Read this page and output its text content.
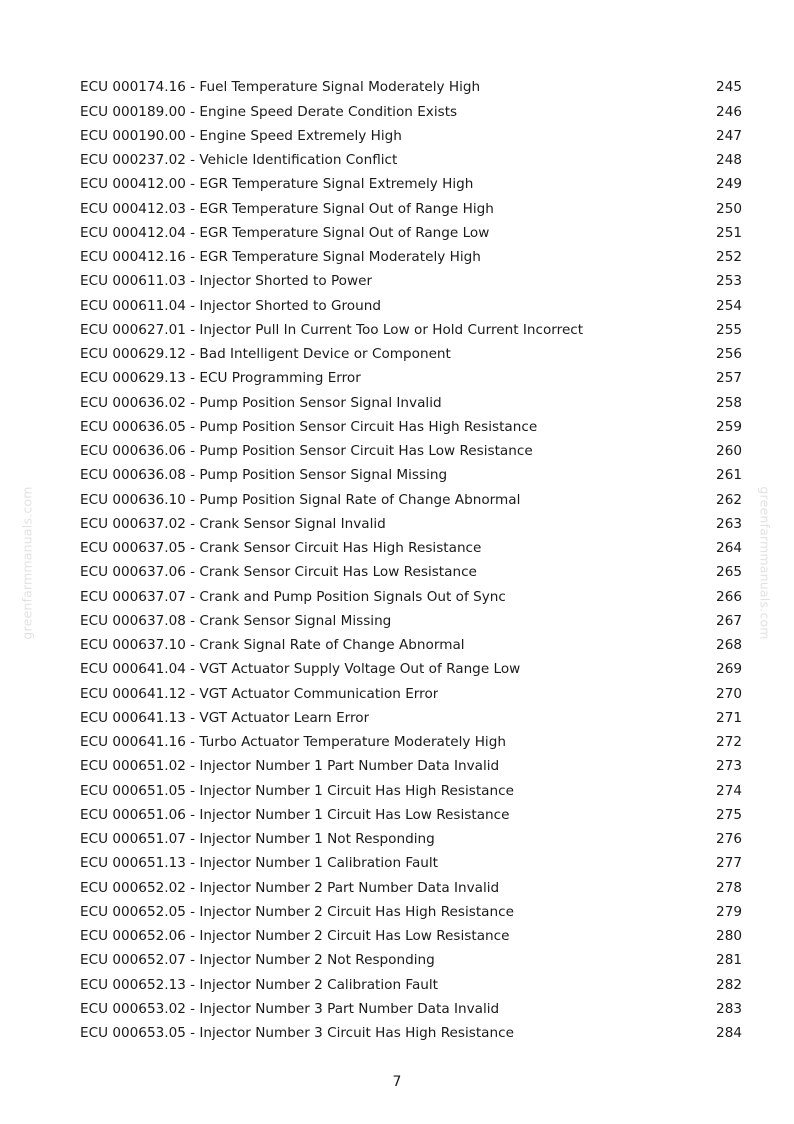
greenfarmmanuals.com	greenfarmmanuals.com
ECU 000174.16 - Fuel Temperature Signal Moderately High	245
ECU 000189.00 - Engine Speed Derate Condition Exists	246
ECU 000190.00 - Engine Speed Extremely High	247
ECU 000237.02 - Vehicle Identification Conflict	248
ECU 000412.00 - EGR Temperature Signal Extremely High	249
ECU 000412.03 - EGR Temperature Signal Out of Range High	250
ECU 000412.04 - EGR Temperature Signal Out of Range Low	251
ECU 000412.16 - EGR Temperature Signal Moderately High	252
ECU 000611.03 - Injector Shorted to Power	253
ECU 000611.04 - Injector Shorted to Ground	254
ECU 000627.01 - Injector Pull In Current Too Low or Hold Current Incorrect	255
ECU 000629.12 - Bad Intelligent Device or Component	256
ECU 000629.13 - ECU Programming Error	257
ECU 000636.02 - Pump Position Sensor Signal Invalid	258
ECU 000636.05 - Pump Position Sensor Circuit Has High Resistance	259
ECU 000636.06 - Pump Position Sensor Circuit Has Low Resistance	260
ECU 000636.08 - Pump Position Sensor Signal Missing	261
ECU 000636.10 - Pump Position Signal Rate of Change Abnormal	262
ECU 000637.02 - Crank Sensor Signal Invalid	263
ECU 000637.05 - Crank Sensor Circuit Has High Resistance	264
ECU 000637.06 - Crank Sensor Circuit Has Low Resistance	265
ECU 000637.07 - Crank and Pump Position Signals Out of Sync	266
ECU 000637.08 - Crank Sensor Signal Missing	267
ECU 000637.10 - Crank Signal Rate of Change Abnormal	268
ECU 000641.04 - VGT Actuator Supply Voltage Out of Range Low	269
ECU 000641.12 - VGT Actuator Communication Error	270
ECU 000641.13 - VGT Actuator Learn Error	271
ECU 000641.16 - Turbo Actuator Temperature Moderately High	272
ECU 000651.02 - Injector Number 1 Part Number Data Invalid	273
ECU 000651.05 - Injector Number 1 Circuit Has High Resistance	274
ECU 000651.06 - Injector Number 1 Circuit Has Low Resistance	275
ECU 000651.07 - Injector Number 1 Not Responding	276
ECU 000651.13 - Injector Number 1 Calibration Fault	277
ECU 000652.02 - Injector Number 2 Part Number Data Invalid	278
ECU 000652.05 - Injector Number 2 Circuit Has High Resistance	279
ECU 000652.06 - Injector Number 2 Circuit Has Low Resistance	280
ECU 000652.07 - Injector Number 2 Not Responding	281
ECU 000652.13 - Injector Number 2 Calibration Fault	282
ECU 000653.02 - Injector Number 3 Part Number Data Invalid	283
ECU 000653.05 - Injector Number 3 Circuit Has High Resistance	284
7
